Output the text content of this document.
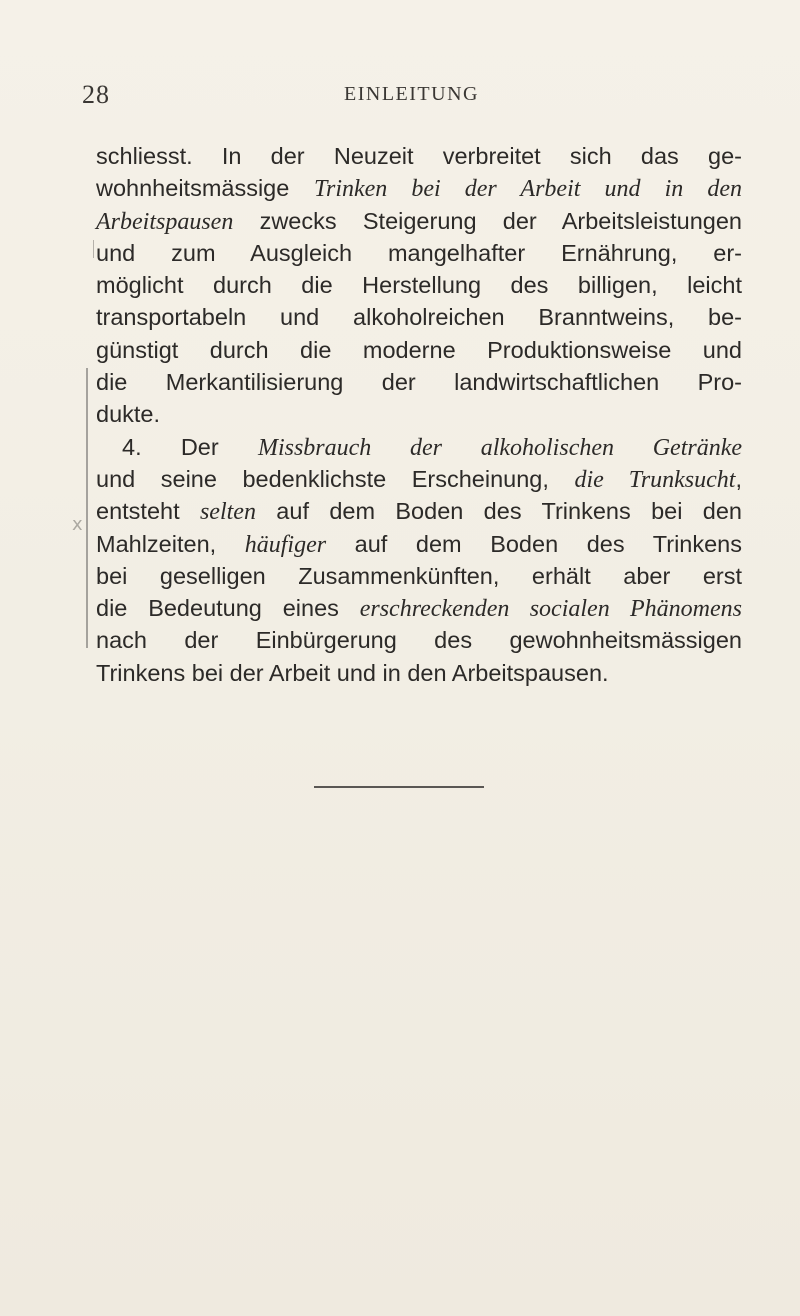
28	EINLEITUNG
x
schliesst. In der Neuzeit verbreitet sich das ge-
wohnheitsmässige Trinken bei der Arbeit und in den
Arbeitspausen zwecks Steigerung der Arbeitsleistungen
und zum Ausgleich mangelhafter Ernährung, er-
möglicht durch die Herstellung des billigen, leicht
transportabeln und alkoholreichen Branntweins, be-
günstigt durch die moderne Produktionsweise und
die Merkantilisierung der landwirtschaftlichen Pro-
dukte.
4. Der Missbrauch der alkoholischen Getränke
und seine bedenklichste Erscheinung, die Trunksucht,
entsteht selten auf dem Boden des Trinkens bei den
Mahlzeiten, häufiger auf dem Boden des Trinkens
bei geselligen Zusammenkünften, erhält aber erst
die Bedeutung eines erschreckenden socialen Phänomens
nach der Einbürgerung des gewohnheitsmässigen
Trinkens bei der Arbeit und in den Arbeitspausen.
